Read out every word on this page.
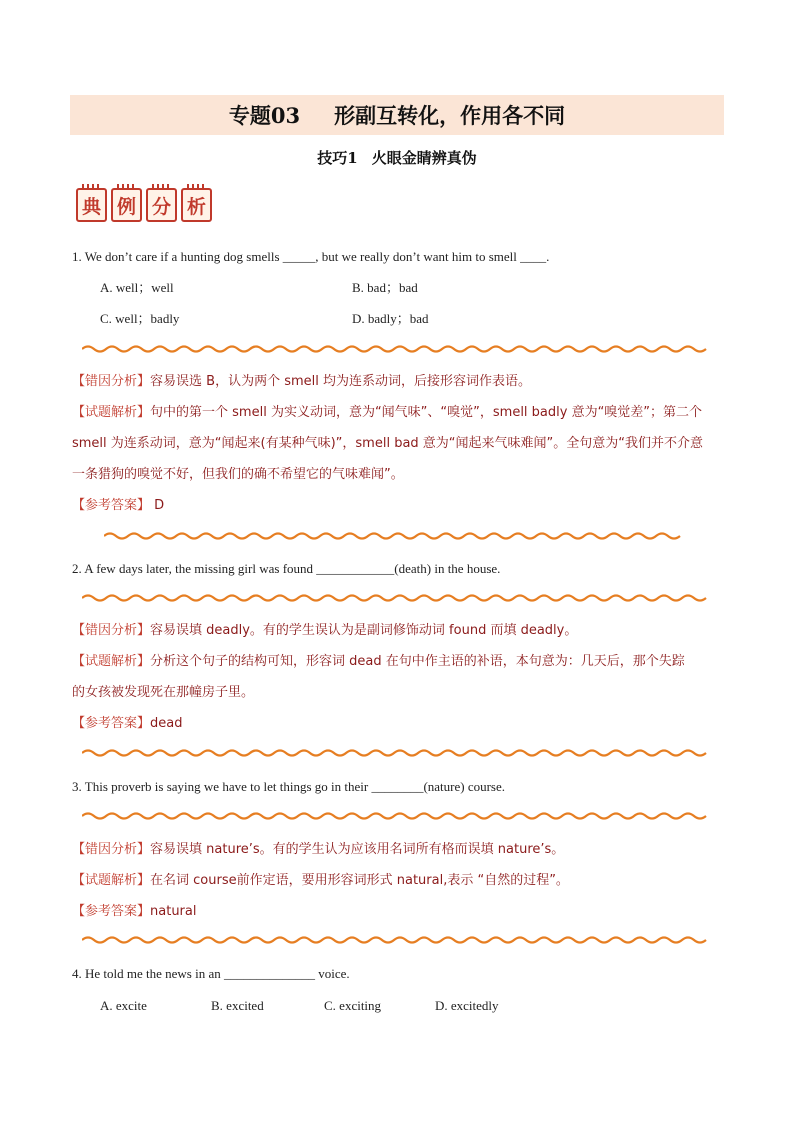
专题03 形副互转化，作用各不同
技巧1 火眼金睛辨真伪
典 例 分 析
1. We don’t care if a hunting dog smells _____, but we really don’t want him to smell ____.
A. well；well	B. bad；bad
C. well；badly	D. badly；bad
【错因分析】容易误选 B，认为两个 smell 均为连系动词，后接形容词作表语。
【试题解析】句中的第一个 smell 为实义动词，意为“闻气味”、“嗅觉”，smell badly 意为“嗅觉差”；第二个
smell 为连系动词，意为“闻起来(有某种气味)”，smell bad 意为“闻起来气味难闻”。全句意为“我们并不介意
一条猎狗的嗅觉不好，但我们的确不希望它的气味难闻”。
【参考答案】 D
2. A few days later, the missing girl was found ____________(death) in the house.
【错因分析】容易误填 deadly。有的学生误认为是副词修饰动词 found 而填 deadly。
【试题解析】分析这个句子的结构可知，形容词 dead 在句中作主语的补语，本句意为：几天后，那个失踪
的女孩被发现死在那幢房子里。
【参考答案】dead
3. This proverb is saying we have to let things go in their ________(nature) course.
【错因分析】容易误填 nature’s。有的学生认为应该用名词所有格而误填 nature’s。
【试题解析】在名词 course前作定语，要用形容词形式 natural,表示 “自然的过程”。
【参考答案】natural
4. He told me the news in an ______________ voice.
A. excite	B. excited	C. exciting	D. excitedly
